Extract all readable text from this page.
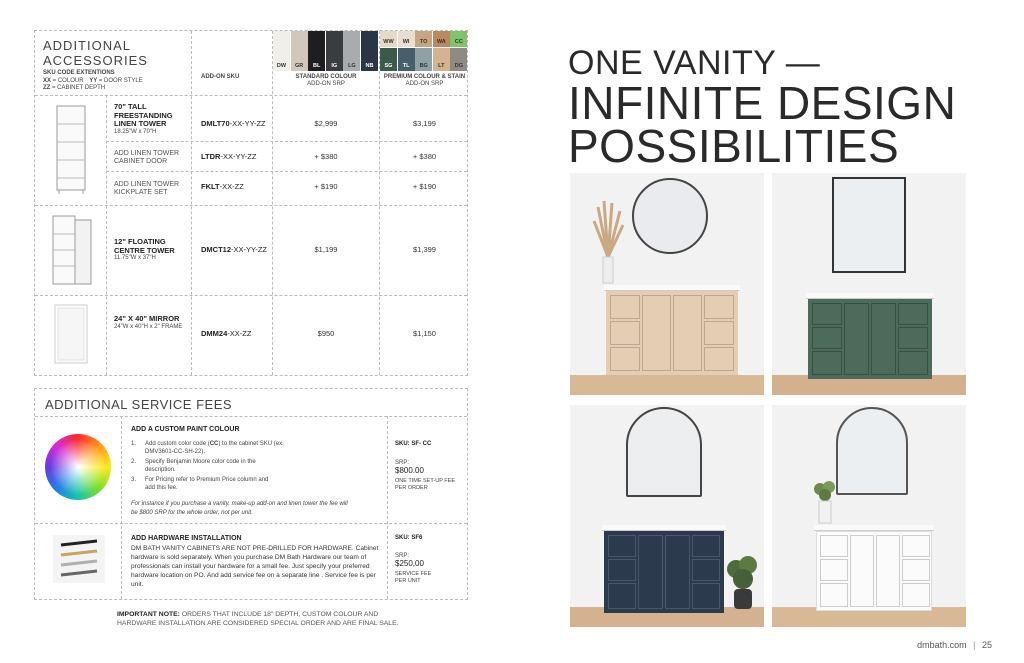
ADDITIONAL
ACCESSORIES
SKU CODE EXTENTIONS
XX = COLOUR YY = DOOR STYLE
ZZ = CABINET DEPTH
ADD-ON SKU
DW	GR	BL	IG	LG	NB
STANDARD COLOUR
ADD-ON SRP
WW	WI	TO	WA	CC
SG	TL	BG	LT	DG
PREMIUM COLOUR & STAIN
ADD-ON SRP
70" TALL FREESTANDING LINEN TOWER
18.25"W x 70"H
DMLT70-XX-YY-ZZ	$2,999	$3,199
ADD LINEN TOWER CABINET DOOR
LTDR-XX-YY-ZZ	+ $380	+ $380
ADD LINEN TOWER KICKPLATE SET
FKLT-XX-ZZ	+ $190	+ $190
12" FLOATING CENTRE TOWER
11.75"W x 37"H
DMCT12-XX-YY-ZZ	$1,199	$1,399
24" X 40" MIRROR
24"W x 40"H x 2" FRAME
DMM24-XX-ZZ	$950	$1,150
ADDITIONAL SERVICE FEES
ADD A CUSTOM PAINT COLOUR
1.	Add custom color code (CC) to the cabinet SKU (ex. DMV3601-CC-SH-22).
2.	Specify Benjamin Moore color code in the description.
3.	For Pricing refer to Premium Price column and add this fee.
For instance if you purchase a vanity, make-up add-on and linen tower the fee will be $800 SRP for the whole order, not per unit.
SKU: SF- CC
SRP:
$800.00
ONE TIME SET-UP FEE PER ORDER
ADD HARDWARE INSTALLATION
DM BATH VANITY CABINETS ARE NOT PRE-DRILLED FOR HARDWARE. Cabinet hardware is sold separately. When you purchase DM Bath Hardware our team of professionals can install your hardware for a small fee. Just specify your preferred hardware location on PO. And add service fee on a separate line . Service fee is per unit.
SKU: SF6
SRP:
$250,00
SERVICE FEE PER UNIT
IMPORTANT NOTE: ORDERS THAT INCLUDE 18" DEPTH, CUSTOM COLOUR AND HARDWARE INSTALLATION ARE CONSIDERED SPECIAL ORDER AND ARE FINAL SALE.
ONE VANITY —
INFINITE DESIGN
POSSIBILITIES
dmbath.com | 25
